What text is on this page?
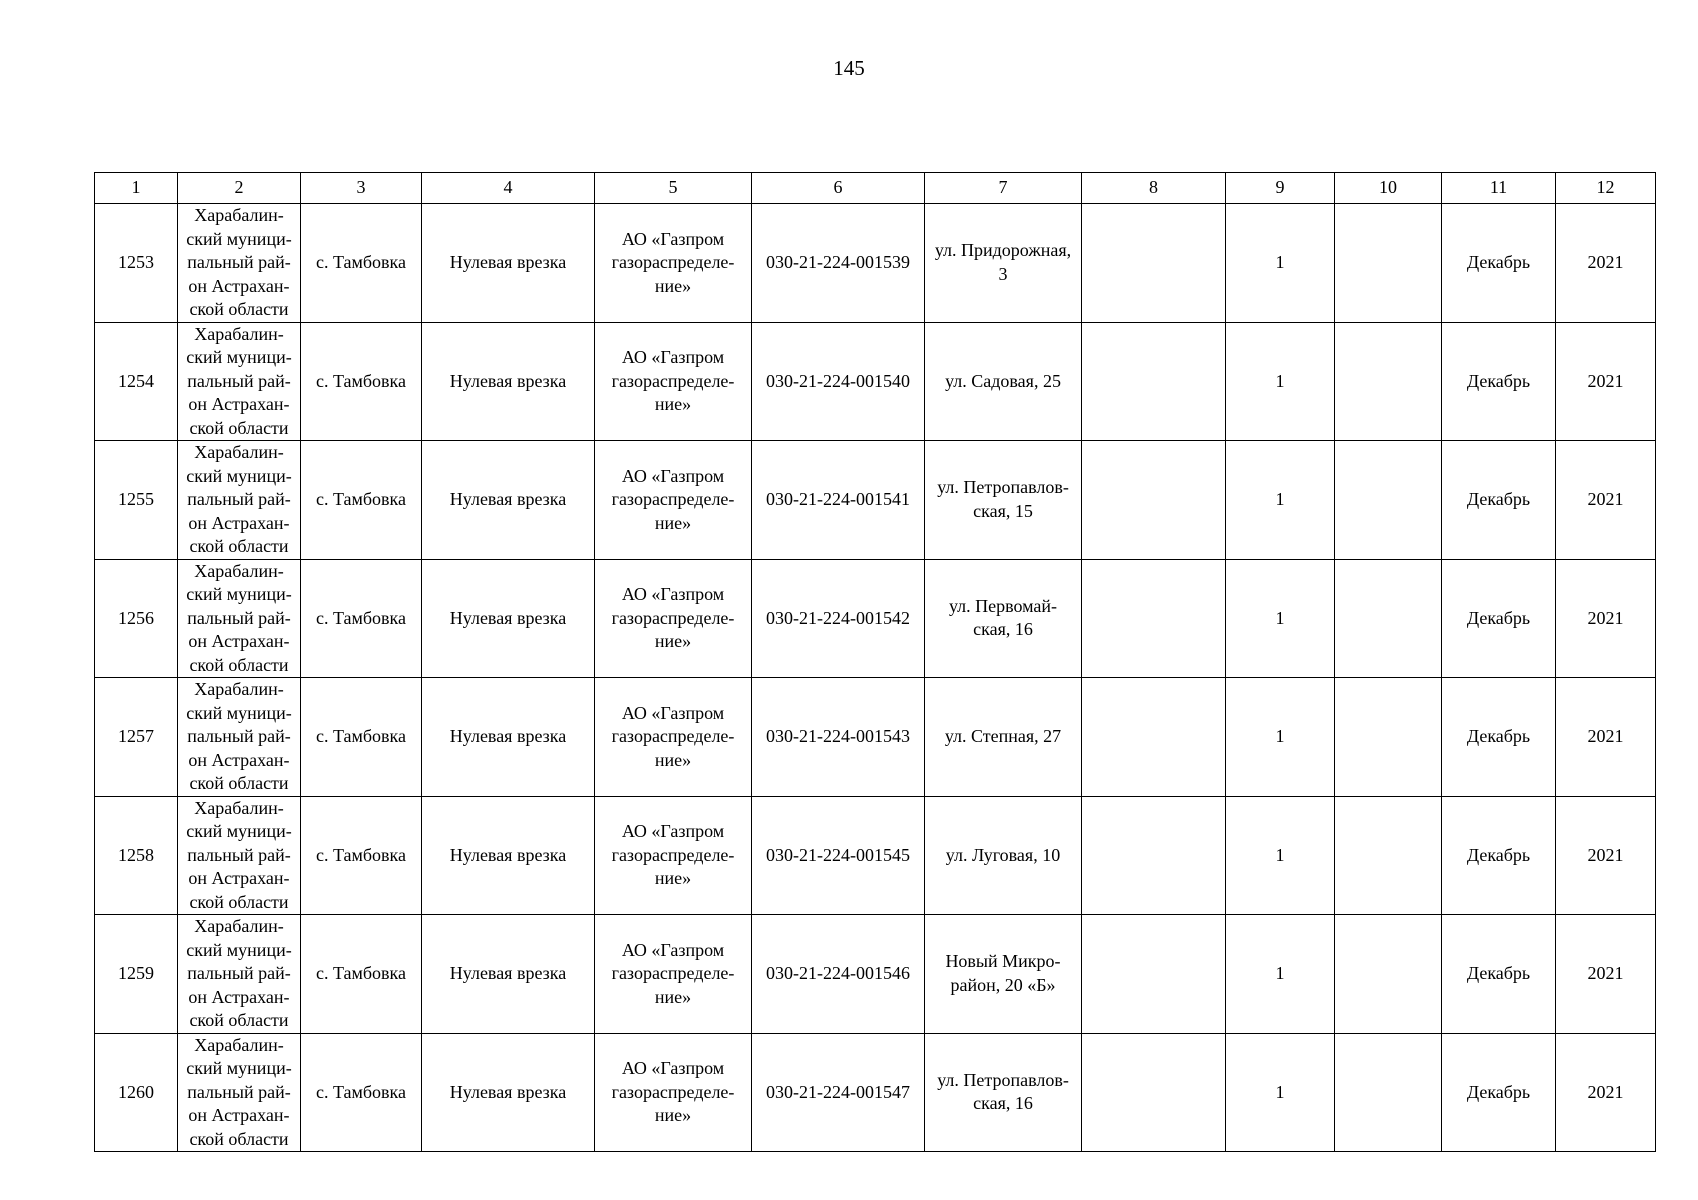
145
1	2	3	4	5	6	7	8	9	10	11	12
1253	Харабалин-
ский муници-
пальный рай-
он Астрахан-
ской области	с. Тамбовка	Нулевая врезка	АО «Газпром
газораспределе-
ние»	030-21-224-001539	ул. Придорожная,
3		1		Декабрь	2021
1254	Харабалин-
ский муници-
пальный рай-
он Астрахан-
ской области	с. Тамбовка	Нулевая врезка	АО «Газпром
газораспределе-
ние»	030-21-224-001540	ул. Садовая, 25		1		Декабрь	2021
1255	Харабалин-
ский муници-
пальный рай-
он Астрахан-
ской области	с. Тамбовка	Нулевая врезка	АО «Газпром
газораспределе-
ние»	030-21-224-001541	ул. Петропавлов-
ская, 15		1		Декабрь	2021
1256	Харабалин-
ский муници-
пальный рай-
он Астрахан-
ской области	с. Тамбовка	Нулевая врезка	АО «Газпром
газораспределе-
ние»	030-21-224-001542	ул. Первомай-
ская, 16		1		Декабрь	2021
1257	Харабалин-
ский муници-
пальный рай-
он Астрахан-
ской области	с. Тамбовка	Нулевая врезка	АО «Газпром
газораспределе-
ние»	030-21-224-001543	ул. Степная, 27		1		Декабрь	2021
1258	Харабалин-
ский муници-
пальный рай-
он Астрахан-
ской области	с. Тамбовка	Нулевая врезка	АО «Газпром
газораспределе-
ние»	030-21-224-001545	ул. Луговая, 10		1		Декабрь	2021
1259	Харабалин-
ский муници-
пальный рай-
он Астрахан-
ской области	с. Тамбовка	Нулевая врезка	АО «Газпром
газораспределе-
ние»	030-21-224-001546	Новый Микро-
район, 20 «Б»		1		Декабрь	2021
1260	Харабалин-
ский муници-
пальный рай-
он Астрахан-
ской области	с. Тамбовка	Нулевая врезка	АО «Газпром
газораспределе-
ние»	030-21-224-001547	ул. Петропавлов-
ская, 16		1		Декабрь	2021
